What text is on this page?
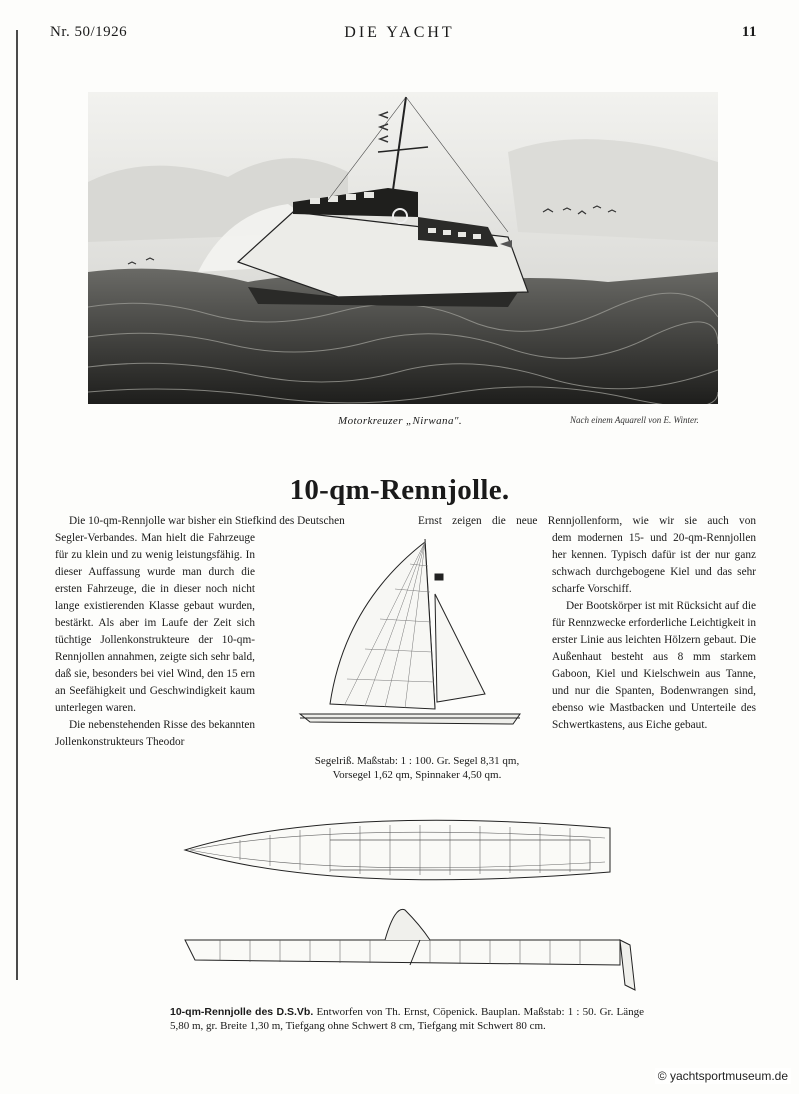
Nr. 50/1926	DIE YACHT	11
Motorkreuzer „Nirwana".	Nach einem Aquarell von E. Winter.
10-qm-Rennjolle.
Die 10-qm-Rennjolle war bisher ein Stiefkind des Deutschen	Ernst zeigen die neue Rennjollenform, wie wir sie auch von

Segler-Verbandes. Man hielt die Fahrzeuge für zu klein und zu wenig leistungsfähig. In dieser Auffassung wurde man durch die ersten Fahrzeuge, die in dieser noch nicht lange existierenden Klasse gebaut wurden, bestärkt. Als aber im Laufe der Zeit sich tüchtige Jollenkonstrukteure der 10-qm-Rennjollen annahmen, zeigte sich sehr bald, daß sie, besonders bei viel Wind, den 15 ern an Seefähigkeit und Geschwindigkeit kaum unterlegen waren.

Die nebenstehenden Risse des bekannten Jollenkonstrukteurs Theodor

dem modernen 15- und 20-qm-Rennjollen her kennen. Typisch dafür ist der nur ganz schwach durchgebogene Kiel und das sehr scharfe Vorschiff.

Der Bootskörper ist mit Rücksicht auf die für Rennzwecke erforderliche Leichtigkeit in erster Linie aus leichten Hölzern gebaut. Die Außenhaut besteht aus 8 mm starkem Gaboon, Kiel und Kielschwein aus Tanne, und nur die Spanten, Bodenwrangen sind, ebenso wie Mastbacken und Unterteile des Schwertkastens, aus Eiche gebaut.

Segelriß. Maßstab: 1 : 100. Gr. Segel 8,31 qm,
Vorsegel 1,62 qm, Spinnaker 4,50 qm.
10-qm-Rennjolle des D.S.Vb. Entworfen von Th. Ernst, Cöpenick. Bauplan. Maßstab: 1 : 50. Gr. Länge 5,80 m, gr. Breite 1,30 m, Tiefgang ohne Schwert 8 cm, Tiefgang mit Schwert 80 cm.
© yachtsportmuseum.de
